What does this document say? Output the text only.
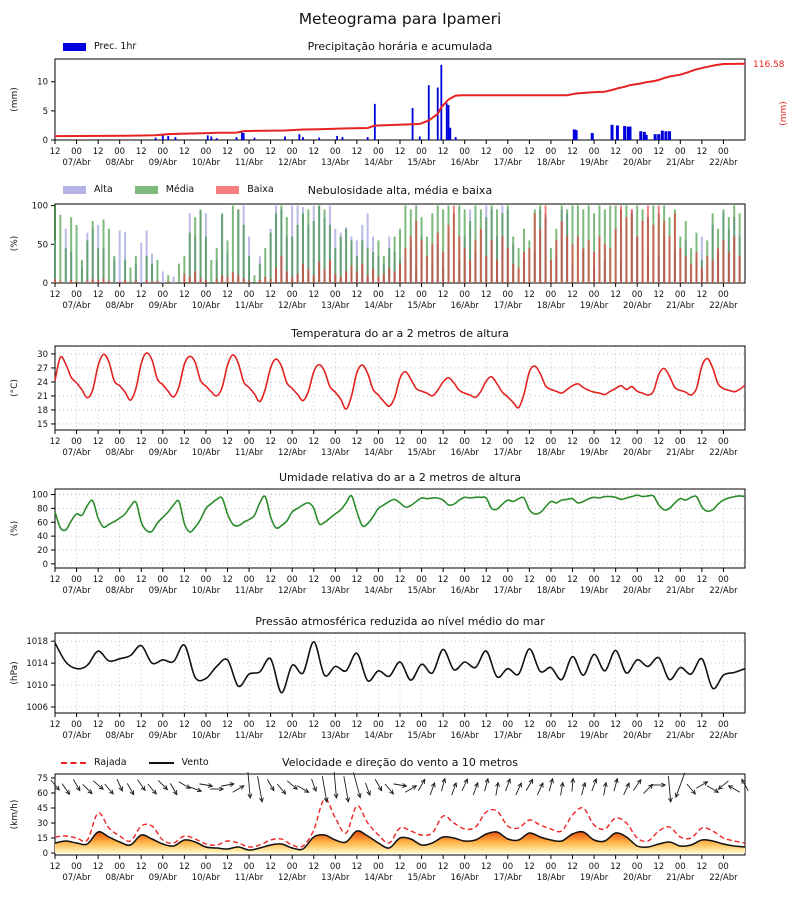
Meteograma para Ipameri
Prec. 1hr
Alta	Média	Baixa
Rajada	Vento
Precipitação horária e acumulada
Nebulosidade alta, média e baixa
Temperatura do ar a 2 metros de altura
Umidade relativa do ar a 2 metros de altura
Pressão atmosférica reduzida ao nível médio do mar
Velocidade e direção do vento a 10 metros
0
5
10
12 00 12 00 12 00 12 00 12 00 12 00 12 00 12 00 12 00 12 00 12 00 12 00 12 00 12 00 12 00 12 00
07/Abr 08/Abr 09/Abr 10/Abr 11/Abr 12/Abr 13/Abr 14/Abr 15/Abr 16/Abr 17/Abr 18/Abr 19/Abr 20/Abr 21/Abr 22/Abr
(mm)
116.58
(mm)
0
50
100
12 00 12 00 12 00 12 00 12 00 12 00 12 00 12 00 12 00 12 00 12 00 12 00 12 00 12 00 12 00 12 00
07/Abr 08/Abr 09/Abr 10/Abr 11/Abr 12/Abr 13/Abr 14/Abr 15/Abr 16/Abr 17/Abr 18/Abr 19/Abr 20/Abr 21/Abr 22/Abr
(%)
15
18
21
24
27
30
12 00 12 00 12 00 12 00 12 00 12 00 12 00 12 00 12 00 12 00 12 00 12 00 12 00 12 00 12 00 12 00
07/Abr 08/Abr 09/Abr 10/Abr 11/Abr 12/Abr 13/Abr 14/Abr 15/Abr 16/Abr 17/Abr 18/Abr 19/Abr 20/Abr 21/Abr 22/Abr
(°C)
0
20
40
60
80
100
12 00 12 00 12 00 12 00 12 00 12 00 12 00 12 00 12 00 12 00 12 00 12 00 12 00 12 00 12 00 12 00
07/Abr 08/Abr 09/Abr 10/Abr 11/Abr 12/Abr 13/Abr 14/Abr 15/Abr 16/Abr 17/Abr 18/Abr 19/Abr 20/Abr 21/Abr 22/Abr
(%)
1006
1010
1014
1018
12 00 12 00 12 00 12 00 12 00 12 00 12 00 12 00 12 00 12 00 12 00 12 00 12 00 12 00 12 00 12 00
07/Abr 08/Abr 09/Abr 10/Abr 11/Abr 12/Abr 13/Abr 14/Abr 15/Abr 16/Abr 17/Abr 18/Abr 19/Abr 20/Abr 21/Abr 22/Abr
(hPa)
0
15
30
45
60
75
12 00 12 00 12 00 12 00 12 00 12 00 12 00 12 00 12 00 12 00 12 00 12 00 12 00 12 00 12 00 12 00
07/Abr 08/Abr 09/Abr 10/Abr 11/Abr 12/Abr 13/Abr 14/Abr 15/Abr 16/Abr 17/Abr 18/Abr 19/Abr 20/Abr 21/Abr 22/Abr
(km/h)
